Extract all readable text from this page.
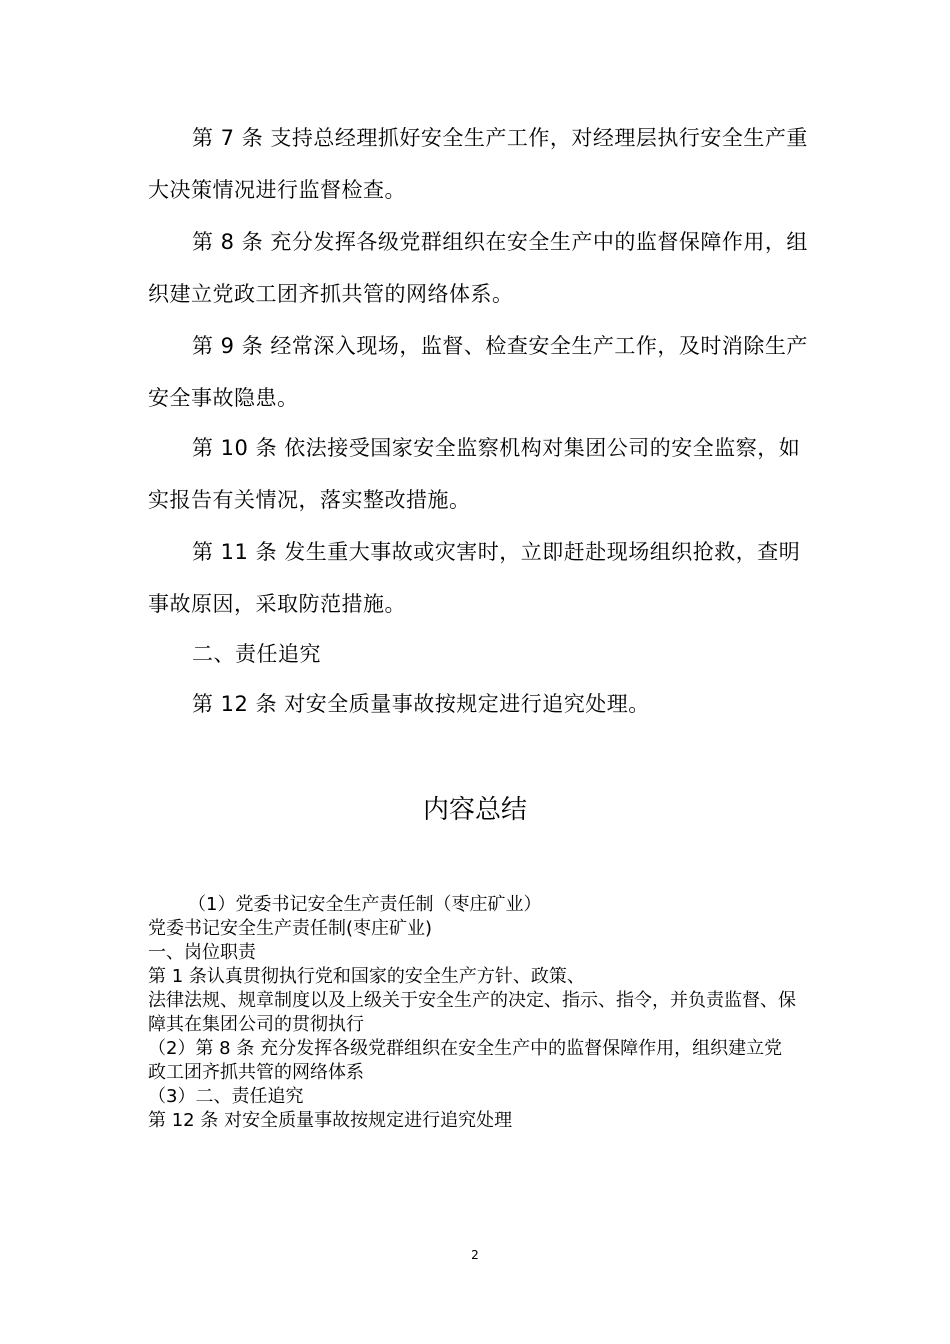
第 7 条 支持总经理抓好安全生产工作，对经理层执行安全生产重大决策情况进行监督检查。

第 8 条 充分发挥各级党群组织在安全生产中的监督保障作用，组织建立党政工团齐抓共管的网络体系。

第 9 条 经常深入现场，监督、检查安全生产工作，及时消除生产安全事故隐患。

第 10 条 依法接受国家安全监察机构对集团公司的安全监察，如实报告有关情况，落实整改措施。

第 11 条 发生重大事故或灾害时，立即赶赴现场组织抢救，查明事故原因，采取防范措施。

二、责任追究

第 12 条 对安全质量事故按规定进行追究处理。

内容总结

（1）党委书记安全生产责任制（枣庄矿业）

党委书记安全生产责任制(枣庄矿业)

一、岗位职责

第 1 条认真贯彻执行党和国家的安全生产方针、政策、

法律法规、规章制度以及上级关于安全生产的决定、指示、指令，并负责监督、保障其在集团公司的贯彻执行

（2）第 8 条 充分发挥各级党群组织在安全生产中的监督保障作用，组织建立党政工团齐抓共管的网络体系

（3）二、责任追究

第 12 条 对安全质量事故按规定进行追究处理

2
